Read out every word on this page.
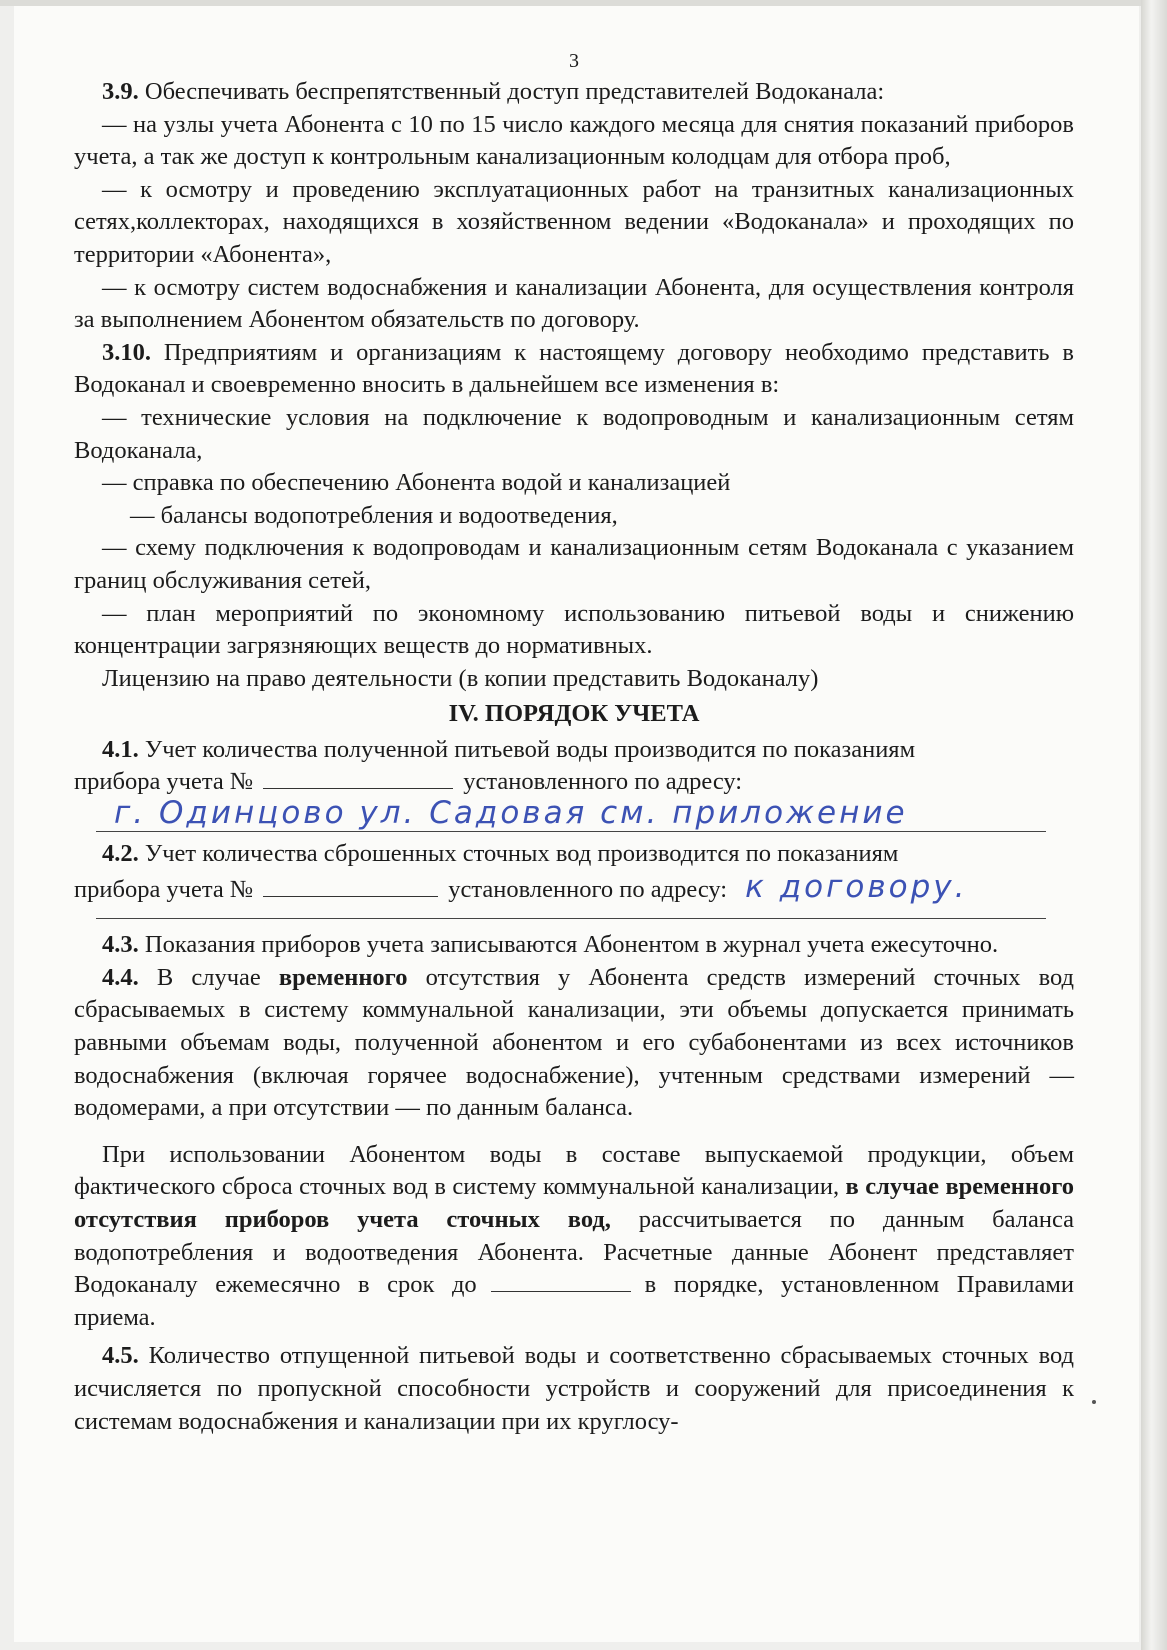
3

3.9. Обеспечивать беспрепятственный доступ представителей Водоканала:

— на узлы учета Абонента с 10 по 15 число каждого месяца для снятия показаний приборов учета, а так же доступ к контрольным канализационным колодцам для отбора проб,

— к осмотру и проведению эксплуатационных работ на транзитных канализационных сетях,коллекторах, находящихся в хозяйственном ведении «Водоканала» и проходящих по территории «Абонента»,

— к осмотру систем водоснабжения и канализации Абонента, для осуществления контроля за выполнением Абонентом обязательств по договору.

3.10. Предприятиям и организациям к настоящему договору необходимо представить в Водоканал и своевременно вносить в дальнейшем все изменения в:

— технические условия на подключение к водопроводным и канализационным сетям Водоканала,

— справка по обеспечению Абонента водой и канализацией

— балансы водопотребления и водоотведения,

— схему подключения к водопроводам и канализационным сетям Водоканала с указанием границ обслуживания сетей,

— план мероприятий по экономному использованию питьевой воды и снижению концентрации загрязняющих веществ до нормативных.

Лицензию на право деятельности (в копии представить Водоканалу)

IV. ПОРЯДОК УЧЕТА

4.1. Учет количества полученной питьевой воды производится по показаниям

прибора учета №	установленного по адресу:
г. Одинцово ул. Садовая см. приложение

4.2. Учет количества сброшенных сточных вод производится по показаниям

прибора учета №	установленного по адресу: к договору.

4.3. Показания приборов учета записываются Абонентом в журнал учета ежесуточно.

4.4. В случае временного отсутствия у Абонента средств измерений сточных вод сбрасываемых в систему коммунальной канализации, эти объемы допускается принимать равными объемам воды, полученной абонентом и его субабонентами из всех источников водоснабжения (включая горячее водоснабжение), учтенным средствами измерений — водомерами, а при отсутствии — по данным баланса.

При использовании Абонентом воды в составе выпускаемой продукции, объем фактического сброса сточных вод в систему коммунальной канализации, в случае временного отсутствия приборов учета сточных вод, рассчитывается по данным баланса водопотребления и водоотведения Абонента. Расчетные данные Абонент представляет Водоканалу ежемесячно в срок до	в порядке, установленном Правилами приема.

4.5. Количество отпущенной питьевой воды и соответственно сбрасываемых сточных вод исчисляется по пропускной способности устройств и сооружений для присоединения к системам водоснабжения и канализации при их круглосу-
